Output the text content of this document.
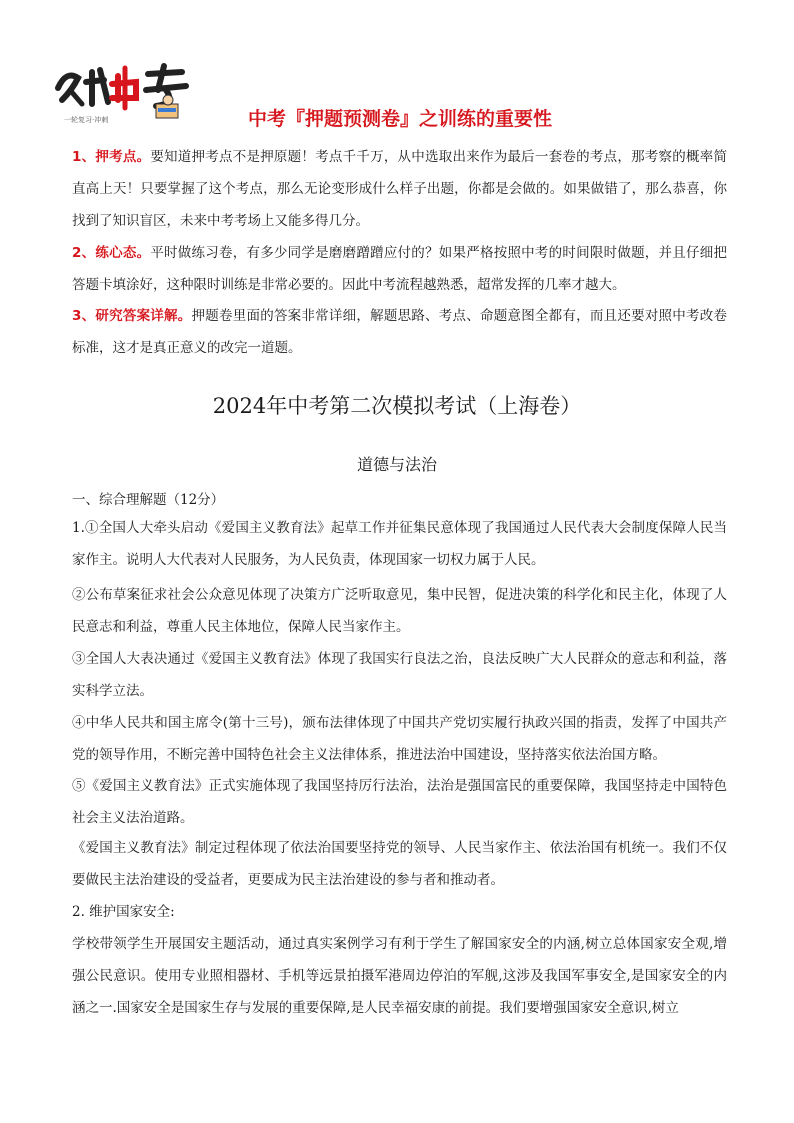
一轮复习·冲刺	中考『押题预测卷』之训练的重要性
1、押考点。要知道押考点不是押原题！考点千千万，从中选取出来作为最后一套卷的考点，那考察的概率简直高上天！只要掌握了这个考点，那么无论变形成什么样子出题，你都是会做的。如果做错了，那么恭喜，你找到了知识盲区，未来中考考场上又能多得几分。
2、练心态。平时做练习卷，有多少同学是磨磨蹭蹭应付的？如果严格按照中考的时间限时做题，并且仔细把答题卡填涂好，这种限时训练是非常必要的。因此中考流程越熟悉，超常发挥的几率才越大。
3、研究答案详解。押题卷里面的答案非常详细，解题思路、考点、命题意图全都有，而且还要对照中考改卷标准，这才是真正意义的改完一道题。
2024年中考第二次模拟考试（上海卷）
道德与法治
一、综合理解题（12分）
1.①全国人大牵头启动《爱国主义教育法》起草工作并征集民意体现了我国通过人民代表大会制度保障人民当家作主。说明人大代表对人民服务，为人民负责，体现国家一切权力属于人民。
②公布草案征求社会公众意见体现了决策方广泛听取意见，集中民智，促进决策的科学化和民主化，体现了人民意志和利益，尊重人民主体地位，保障人民当家作主。
③全国人大表决通过《爱国主义教育法》体现了我国实行良法之治，良法反映广大人民群众的意志和利益，落实科学立法。
④中华人民共和国主席令(第十三号)，颁布法律体现了中国共产党切实履行执政兴国的指责，发挥了中国共产党的领导作用，不断完善中国特色社会主义法律体系，推进法治中国建设，坚持落实依法治国方略。
⑤《爱国主义教育法》正式实施体现了我国坚持厉行法治，法治是强国富民的重要保障，我国坚持走中国特色社会主义法治道路。
《爱国主义教育法》制定过程体现了依法治国要坚持党的领导、人民当家作主、依法治国有机统一。我们不仅要做民主法治建设的受益者，更要成为民主法治建设的参与者和推动者。
2. 维护国家安全:
学校带领学生开展国安主题活动，通过真实案例学习有利于学生了解国家安全的内涵,树立总体国家安全观,增强公民意识。使用专业照相器材、手机等远景拍摄军港周边停泊的军舰,这涉及我国军事安全,是国家安全的内涵之一.国家安全是国家生存与发展的重要保障,是人民幸福安康的前提。我们要增强国家安全意识,树立
